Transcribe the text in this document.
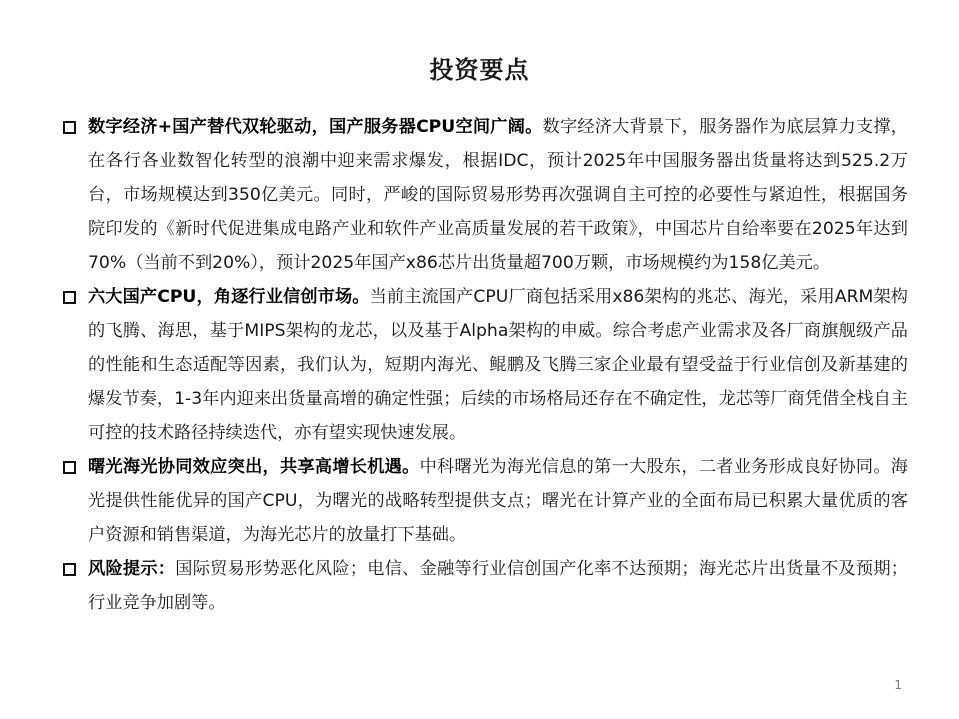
投资要点
数字经济+国产替代双轮驱动，国产服务器CPU空间广阔。数字经济大背景下，服务器作为底层算力支撑，在各行各业数智化转型的浪潮中迎来需求爆发，根据IDC，预计2025年中国服务器出货量将达到525.2万台，市场规模达到350亿美元。同时，严峻的国际贸易形势再次强调自主可控的必要性与紧迫性，根据国务院印发的《新时代促进集成电路产业和软件产业高质量发展的若干政策》，中国芯片自给率要在2025年达到70%（当前不到20%），预计2025年国产x86芯片出货量超700万颗，市场规模约为158亿美元。
六大国产CPU，角逐行业信创市场。当前主流国产CPU厂商包括采用x86架构的兆芯、海光，采用ARM架构的飞腾、海思，基于MIPS架构的龙芯，以及基于Alpha架构的申威。综合考虑产业需求及各厂商旗舰级产品的性能和生态适配等因素，我们认为，短期内海光、鲲鹏及飞腾三家企业最有望受益于行业信创及新基建的爆发节奏，1-3年内迎来出货量高增的确定性强；后续的市场格局还存在不确定性，龙芯等厂商凭借全栈自主可控的技术路径持续迭代，亦有望实现快速发展。
曙光海光协同效应突出，共享高增长机遇。中科曙光为海光信息的第一大股东，二者业务形成良好协同。海光提供性能优异的国产CPU，为曙光的战略转型提供支点；曙光在计算产业的全面布局已积累大量优质的客户资源和销售渠道，为海光芯片的放量打下基础。
风险提示：国际贸易形势恶化风险；电信、金融等行业信创国产化率不达预期；海光芯片出货量不及预期；行业竞争加剧等。
1
